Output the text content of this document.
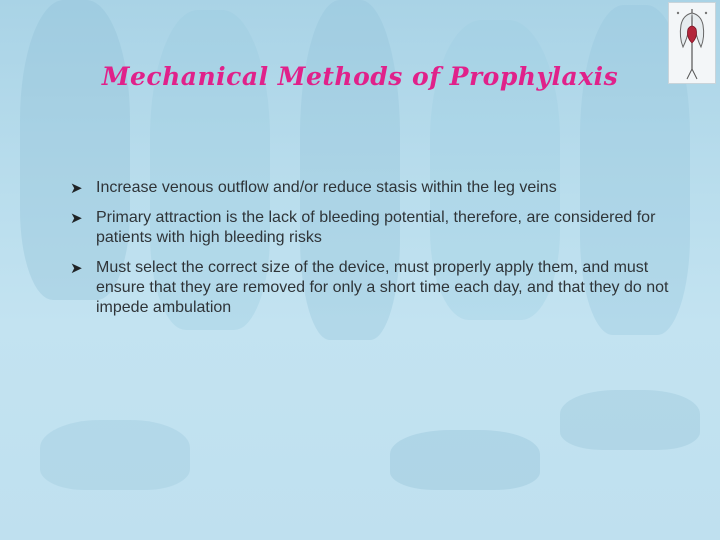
Mechanical Methods of Prophylaxis
➤ Increase venous outflow and/or reduce stasis within the leg veins
➤ Primary attraction is the lack of bleeding potential, therefore, are considered for patients with high bleeding risks
➤ Must select the correct size of the device, must properly apply them, and must ensure that they are removed for only a short time each day, and that they do not impede ambulation
